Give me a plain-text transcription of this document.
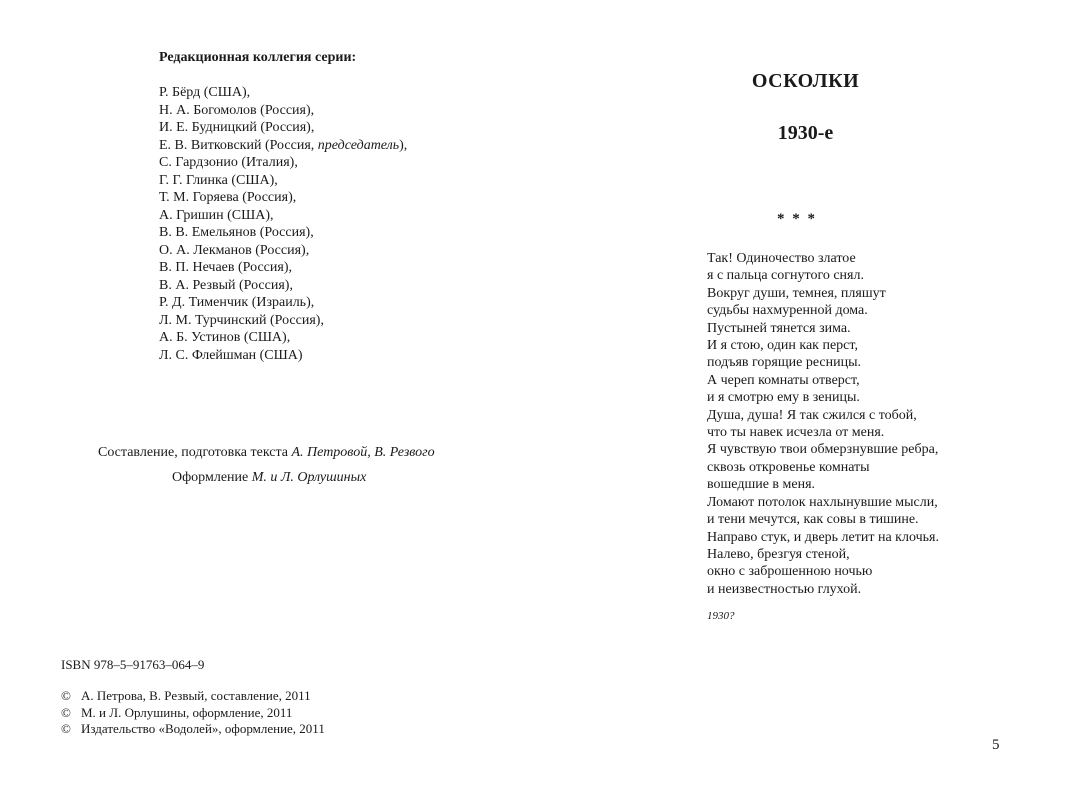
Редакционная коллегия серии:
Р. Бёрд (США),
Н. А. Богомолов (Россия),
И. Е. Будницкий (Россия),
Е. В. Витковский (Россия, председатель),
С. Гардзонио (Италия),
Г. Г. Глинка (США),
Т. М. Горяева (Россия),
А. Гришин (США),
В. В. Емельянов (Россия),
О. А. Лекманов (Россия),
В. П. Нечаев (Россия),
В. А. Резвый (Россия),
Р. Д. Тименчик (Израиль),
Л. М. Турчинский (Россия),
А. Б. Устинов (США),
Л. С. Флейшман (США)
Составление, подготовка текста А. Петровой, В. Резвого
Оформление М. и Л. Орлушиных
ISBN 978–5–91763–064–9
© А. Петрова, В. Резвый, составление, 2011
© М. и Л. Орлушины, оформление, 2011
© Издательство «Водолей», оформление, 2011
ОСКОЛКИ
1930-е
* * *
Так! Одиночество златое
я с пальца согнутого снял.
Вокруг души, темнея, пляшут
судьбы нахмуренной дома.
Пустыней тянется зима.
И я стою, один как перст,
подъяв горящие ресницы.
А череп комнаты отверст,
и я смотрю ему в зеницы.
Душа, душа! Я так сжился с тобой,
что ты навек исчезла от меня.
Я чувствую твои обмерзнувшие ребра,
сквозь откровенье комнаты
вошедшие в меня.
Ломают потолок нахлынувшие мысли,
и тени мечутся, как совы в тишине.
Направо стук, и дверь летит на клочья.
Налево, брезгуя стеной,
окно с заброшенною ночью
и неизвестностью глухой.
1930?
5
